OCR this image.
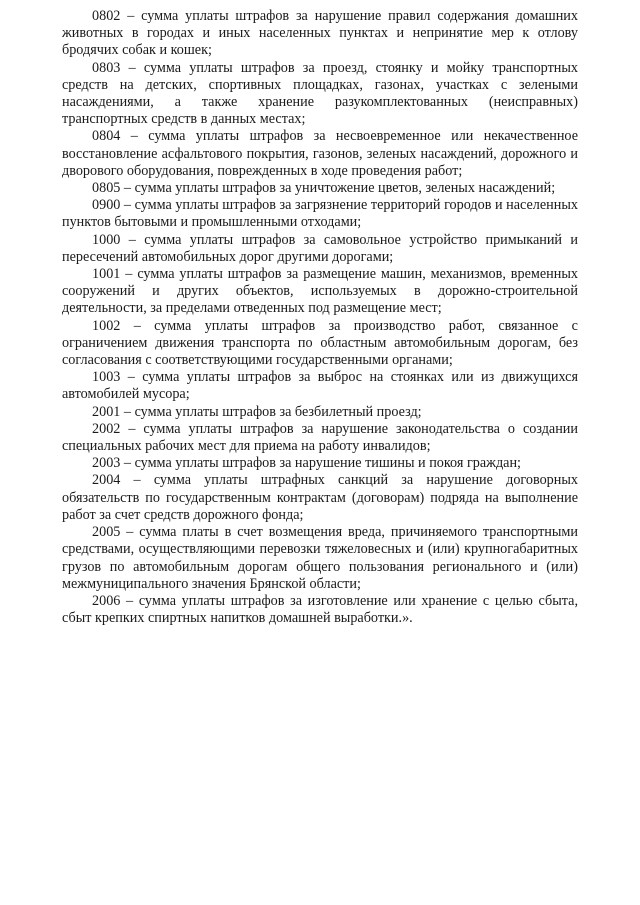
0802 – сумма уплаты штрафов за нарушение правил содержания домашних животных в городах и иных населенных пунктах и непринятие мер к отлову бродячих собак и кошек;

0803 – сумма уплаты штрафов за проезд, стоянку и мойку транспортных средств на детских, спортивных площадках, газонах, участках с зелеными насаждениями, а также хранение разукомплектованных (неисправных) транспортных средств в данных местах;

0804 – сумма уплаты штрафов за несвоевременное или некачественное восстановление асфальтового покрытия, газонов, зеленых насаждений, дорожного и дворового оборудования, поврежденных в ходе проведения работ;

0805 – сумма уплаты штрафов за уничтожение цветов, зеленых насаждений;

0900 – сумма уплаты штрафов за загрязнение территорий городов и населенных пунктов бытовыми и промышленными отходами;

1000 – сумма уплаты штрафов за самовольное устройство примыканий и пересечений автомобильных дорог другими дорогами;

1001 – сумма уплаты штрафов за размещение машин, механизмов, временных сооружений и других объектов, используемых в дорожно-строительной деятельности, за пределами отведенных под размещение мест;

1002 – сумма уплаты штрафов за производство работ, связанное с ограничением движения транспорта по областным автомобильным дорогам, без согласования с соответствующими государственными органами;

1003 – сумма уплаты штрафов за выброс на стоянках или из движущихся автомобилей мусора;

2001 – сумма уплаты штрафов за безбилетный проезд;

2002 – сумма уплаты штрафов за нарушение законодательства о создании специальных рабочих мест для приема на работу инвалидов;

2003 – сумма уплаты штрафов за нарушение тишины и покоя граждан;

2004 – сумма уплаты штрафных санкций за нарушение договорных обязательств по государственным контрактам (договорам) подряда на выполнение работ за счет средств дорожного фонда;

2005 – сумма платы в счет возмещения вреда, причиняемого транспортными средствами, осуществляющими перевозки тяжеловесных и (или) крупногабаритных грузов по автомобильным дорогам общего пользования регионального и (или) межмуниципального значения Брянской области;

2006 – сумма уплаты штрафов за изготовление или хранение с целью сбыта, сбыт крепких спиртных напитков домашней выработки.».
